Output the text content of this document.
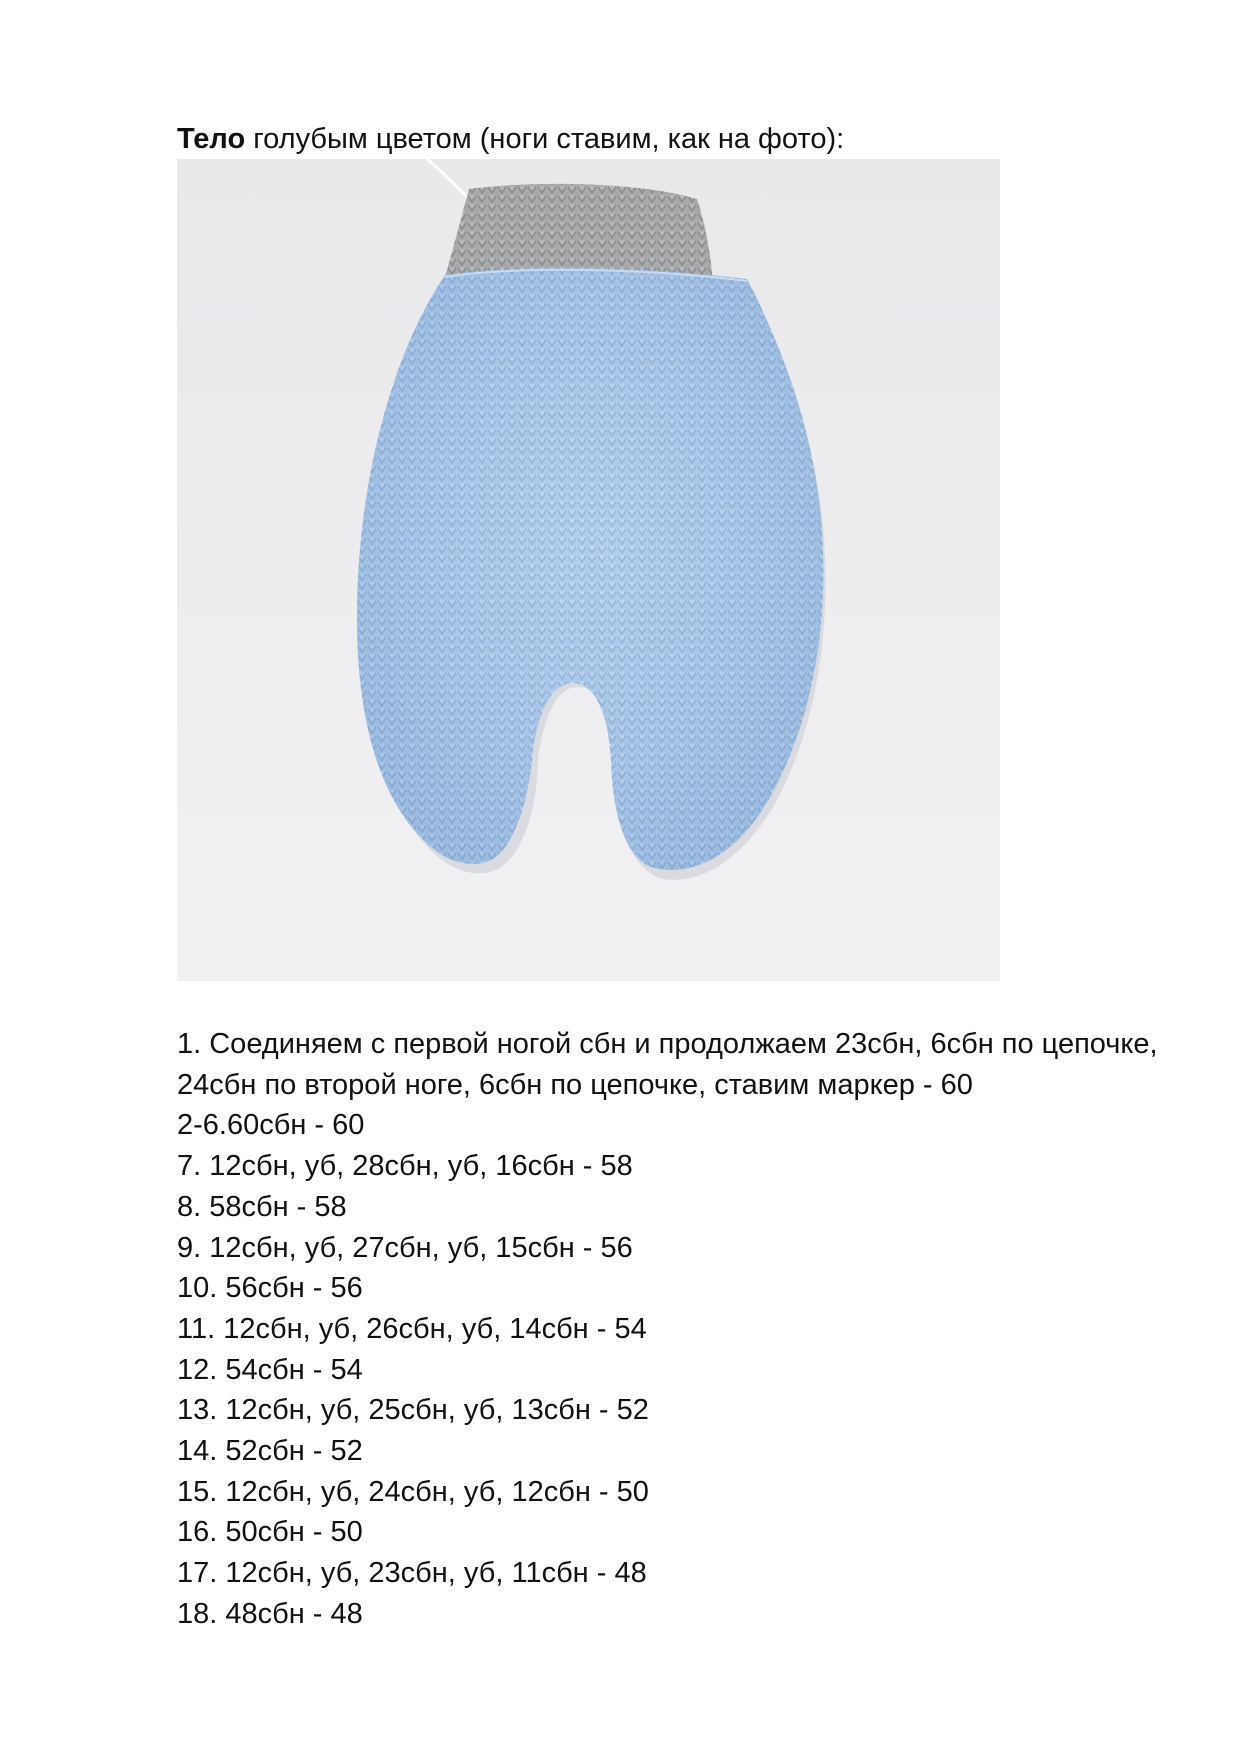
Тело голубым цветом (ноги ставим, как на фото):
1. Соединяем с первой ногой сбн и продолжаем 23сбн, 6сбн по цепочке, 24сбн по второй ноге, 6сбн по цепочке, ставим маркер - 60
2-6.60сбн - 60
7. 12сбн, уб, 28сбн, уб, 16сбн - 58
8. 58сбн - 58
9. 12сбн, уб, 27сбн, уб, 15сбн - 56
10. 56сбн - 56
11. 12сбн, уб, 26сбн, уб, 14сбн - 54
12. 54сбн - 54
13. 12сбн, уб, 25сбн, уб, 13сбн - 52
14. 52сбн - 52
15. 12сбн, уб, 24сбн, уб, 12сбн - 50
16. 50сбн - 50
17. 12сбн, уб, 23сбн, уб, 11сбн - 48
18. 48сбн - 48
